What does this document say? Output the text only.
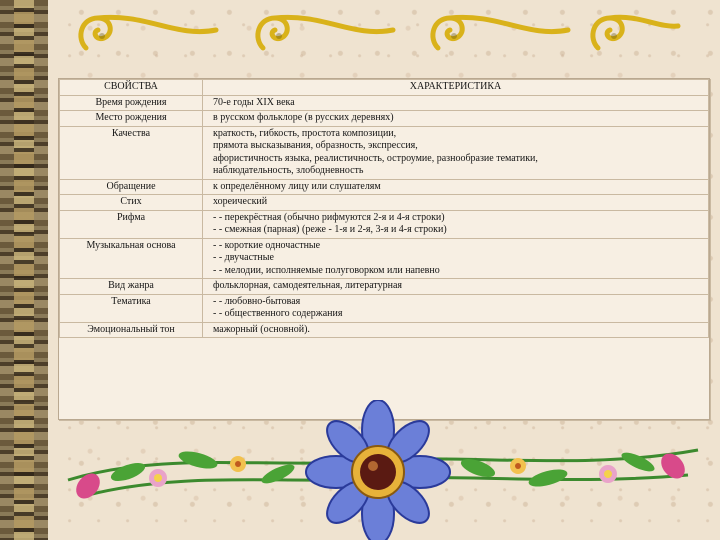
СВОЙСТВА	ХАРАКТЕРИСТИКА
Время рождения	70-е годы XIX века

Место рождения	в русском фольклоре (в русских деревнях)

Качества	краткость, гибкость, простота композиции,
прямота высказывания, образность, экспрессия,
афористичность языка, реалистичность, остроумие, разнообразие тематики,
наблюдательность, злободневность

Обращение	к определённому лицу или слушателям

Стих	хореический

Рифма	- - перекрёстная (обычно рифмуются 2-я и 4-я строки)
- - смежная (парная) (реже - 1-я и 2-я, 3-я и 4-я строки)

Музыкальная основа	- - короткие одночастные
- - двучастные
- - мелодии, исполняемые полуговорком или напевно

Вид жанра	фольклорная, самодеятельная, литературная

Тематика	- - любовно-бытовая
- - общественного содержания

Эмоциональный тон	мажорный (основной).
